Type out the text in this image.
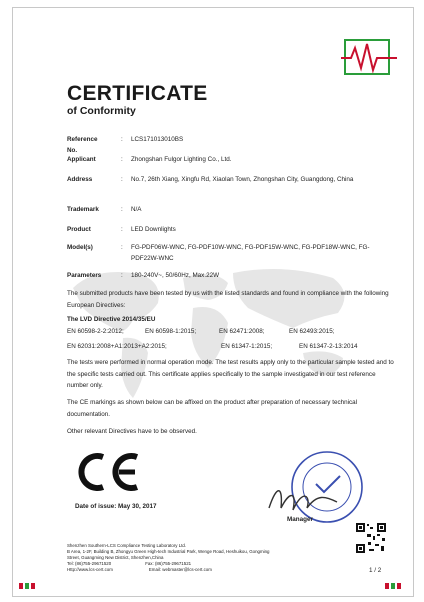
CERTIFICATE
of Conformity
Reference No.
: LCS171013010BS
Applicant	: Zhongshan Fulgor Lighting Co., Ltd.
Address	: No.7, 26th Xiang, Xingfu Rd, Xiaolan Town, Zhongshan City, Guangdong, China
Trademark	: N/A
Product	: LED Downlights
Model(s)	: FG-PDF06W-WNC, FG-PDF10W-WNC, FG-PDF15W-WNC, FG-PDF18W-WNC, FG-PDF22W-WNC
Parameters	: 180-240V~, 50/60Hz, Max.22W
The submitted products have been tested by us with the listed standards and found in compliance with the following European Directives:
The LVD Directive 2014/35/EU
EN 60598-2-2:2012;	EN 60598-1:2015;	EN 62471:2008;	EN 62493:2015;
EN 62031:2008+A1:2013+A2:2015;	EN 61347-1:2015;	EN 61347-2-13:2014
The tests were performed in normal operation mode. The test results apply only to the particular sample tested and to the specific tests carried out. This certificate applies specifically to the sample investigated in our test reference number only.
The CE markings as shown below can be affixed on the product after preparation of necessary technical documentation.
Other relevant Directives have to be observed.
Date of issue: May 30, 2017
Manager
Shenzhen Southern-LCS Compliance Testing Laboratory Ltd.
B Area, 1-2F, Building B, Zhongyu Green High-tech Industrial Park, Wenge Road, Heshuikou, Gongming
Street, Guangming New District, Shenzhen,China
Tel: (86)755-29671520	Fax: (86)755-29671521
Http://www.lcs-cert.com	Email: webmaster@lcs-cert.com	1 / 2
